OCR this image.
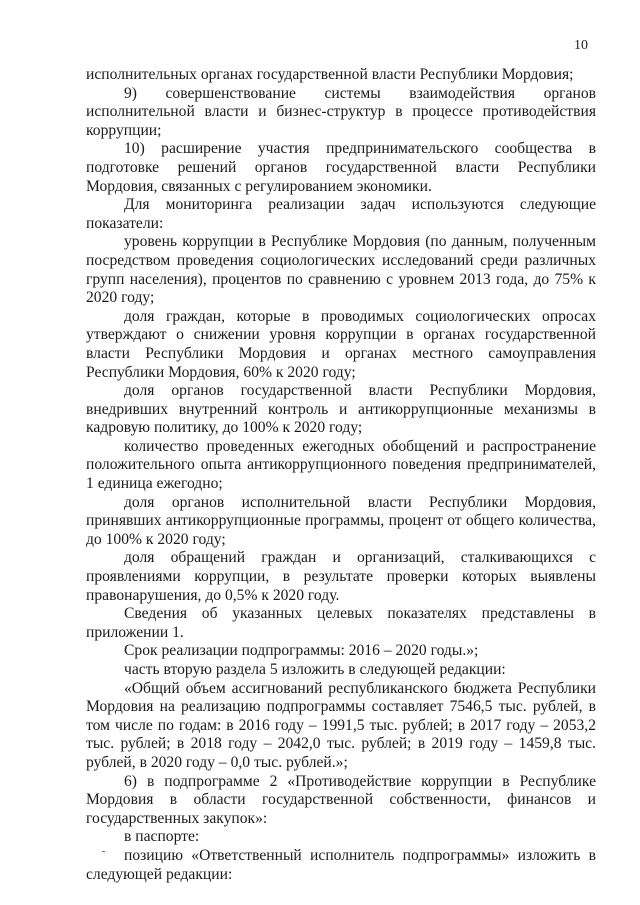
10

исполнительных органах государственной власти Республики Мордовия;

9) совершенствование системы взаимодействия органов исполнительной власти и бизнес-структур в процессе противодействия коррупции;

10) расширение участия предпринимательского сообщества в подготовке решений органов государственной власти Республики Мордовия, связанных с регулированием экономики.

Для мониторинга реализации задач используются следующие показатели:

уровень коррупции в Республике Мордовия (по данным, полученным посредством проведения социологических исследований среди различных групп населения), процентов по сравнению с уровнем 2013 года, до 75% к 2020 году;

доля граждан, которые в проводимых социологических опросах утверждают о снижении уровня коррупции в органах государственной власти Республики Мордовия и органах местного самоуправления Республики Мордовия, 60% к 2020 году;

доля органов государственной власти Республики Мордовия, внедривших внутренний контроль и антикоррупционные механизмы в кадровую политику, до 100% к 2020 году;

количество проведенных ежегодных обобщений и распространение положительного опыта антикоррупционного поведения предпринимателей, 1 единица ежегодно;

доля органов исполнительной власти Республики Мордовия, принявших антикоррупционные программы, процент от общего количества, до 100% к 2020 году;

доля обращений граждан и организаций, сталкивающихся с проявлениями коррупции, в результате проверки которых выявлены правонарушения, до 0,5% к 2020 году.

Сведения об указанных целевых показателях представлены в приложении 1.

Срок реализации подпрограммы: 2016 – 2020 годы.»;

часть вторую раздела 5 изложить в следующей редакции:

«Общий объем ассигнований республиканского бюджета Республики Мордовия на реализацию подпрограммы составляет 7546,5 тыс. рублей, в том числе по годам: в 2016 году – 1991,5 тыс. рублей; в 2017 году – 2053,2 тыс. рублей; в 2018 году – 2042,0 тыс. рублей; в 2019 году – 1459,8 тыс. рублей, в 2020 году – 0,0 тыс. рублей.»;

6) в подпрограмме 2 «Противодействие коррупции в Республике Мордовия в области государственной собственности, финансов и государственных закупок»:

в паспорте:

позицию «Ответственный исполнитель подпрограммы» изложить в следующей редакции:
